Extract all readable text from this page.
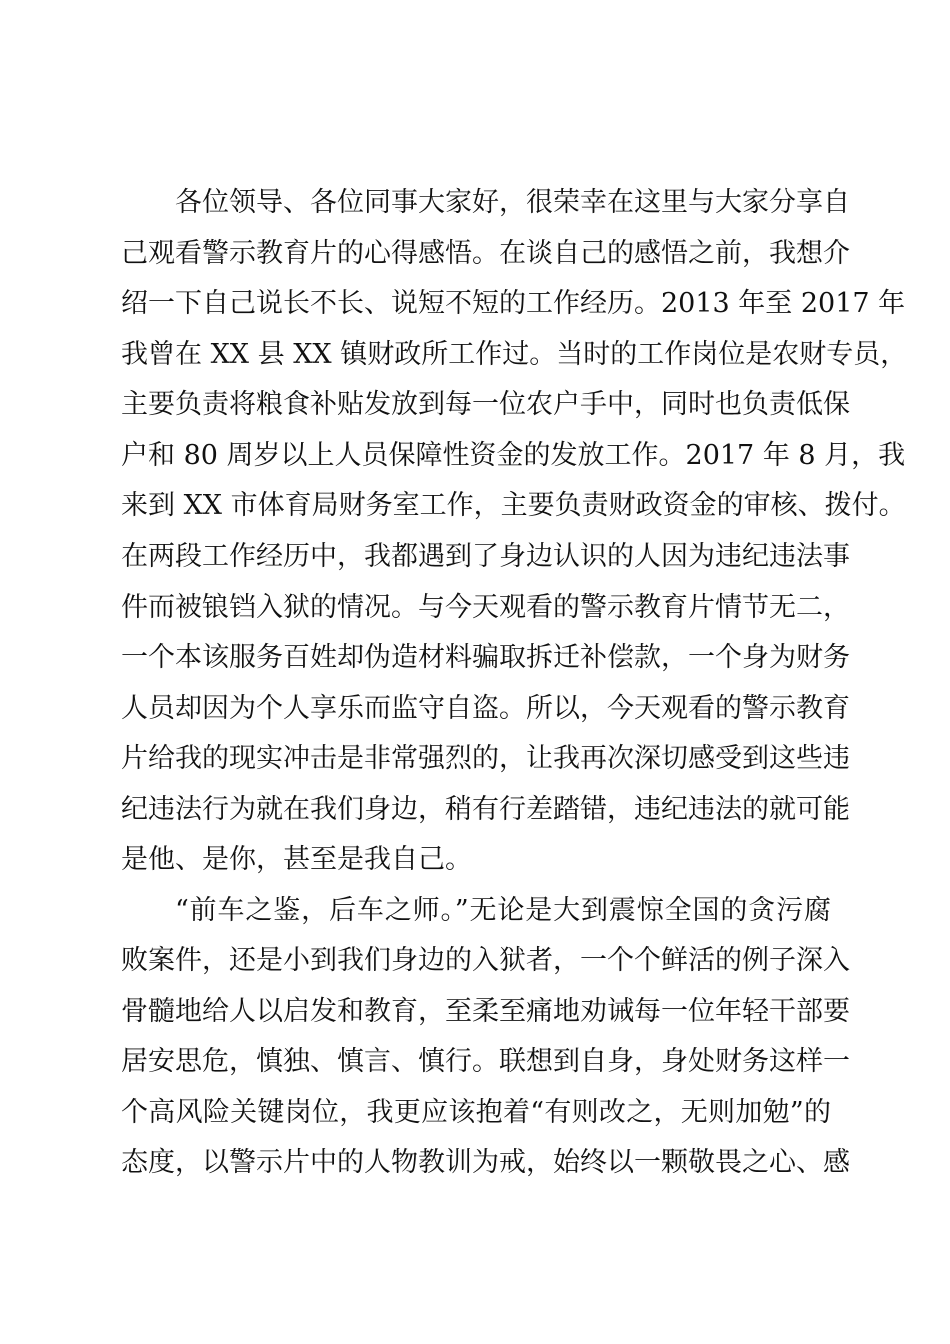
各位领导、各位同事大家好，很荣幸在这里与大家分享自
己观看警示教育片的心得感悟。在谈自己的感悟之前，我想介
绍一下自己说长不长、说短不短的工作经历。2013 年至 2017 年
我曾在 XX 县 XX 镇财政所工作过。当时的工作岗位是农财专员，
主要负责将粮食补贴发放到每一位农户手中，同时也负责低保
户和 80 周岁以上人员保障性资金的发放工作。2017 年 8 月，我
来到 XX 市体育局财务室工作，主要负责财政资金的审核、拨付。
在两段工作经历中，我都遇到了身边认识的人因为违纪违法事
件而被锒铛入狱的情况。与今天观看的警示教育片情节无二，
一个本该服务百姓却伪造材料骗取拆迁补偿款，一个身为财务
人员却因为个人享乐而监守自盗。所以，今天观看的警示教育
片给我的现实冲击是非常强烈的，让我再次深切感受到这些违
纪违法行为就在我们身边，稍有行差踏错，违纪违法的就可能
是他、是你，甚至是我自己。
“前车之鉴，后车之师。”无论是大到震惊全国的贪污腐
败案件，还是小到我们身边的入狱者，一个个鲜活的例子深入
骨髓地给人以启发和教育，至柔至痛地劝诫每一位年轻干部要
居安思危，慎独、慎言、慎行。联想到自身，身处财务这样一
个高风险关键岗位，我更应该抱着“有则改之，无则加勉”的
态度，以警示片中的人物教训为戒，始终以一颗敬畏之心、感
